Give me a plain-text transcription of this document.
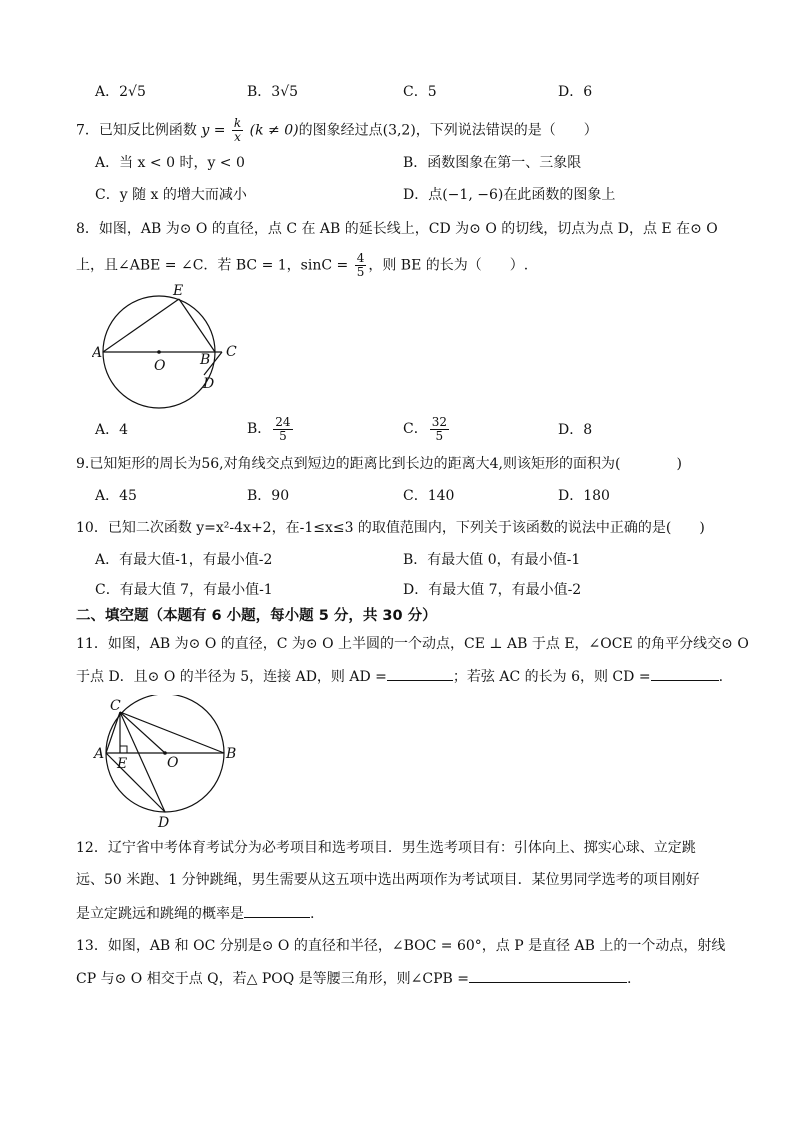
A．2√5	B．3√5	C．5	D．6
7．已知反比例函数 $y = \frac{k}{x} (k \ne 0)$的图象经过点(3,2)，下列说法错误的是（　　）
A．当 x < 0 时，y < 0	B．函数图象在第一、三象限
C．y 随 x 的增大而减小	D．点(−1, −6)在此函数的图象上
8．如图，AB 为⊙ O 的直径，点 C 在 AB 的延长线上，CD 为⊙ O 的切线，切点为点 D，点 E 在⊙ O
上，且∠ABE = ∠C．若 BC = 1，$\sin C = \frac{4}{5}$ ，则 BE 的长为（　　）.
A
O B C
D
E
A．4	B． $\frac{24}{5}$	C． $\frac{32}{5}$	D．8
9.已知矩形的周长为56,对角线交点到短边的距离比到长边的距离大4,则该矩形的面积为(　　　　)
A．45	B．90	C．140	D．180
10．已知二次函数 y=x²-4x+2，在-1≤x≤3 的取值范围内，下列关于该函数的说法中正确的是(　　)
A．有最大值-1，有最小值-2	B．有最大值 0，有最小值-1
C．有最大值 7，有最小值-1	D．有最大值 7，有最小值-2
二、填空题（本题有 6 小题，每小题 5 分，共 30 分）
11．如图，AB 为⊙ O 的直径，C 为⊙ O 上半圆的一个动点，CE ⊥ AB 于点 E，∠OCE 的角平分线交⊙ O
于点 D．且⊙ O 的半径为 5，连接 AD，则 AD =	；若弦 AC 的长为 6，则 CD =	.
C
A
E	O
B
D
12．辽宁省中考体育考试分为必考项目和选考项目．男生选考项目有：引体向上、掷实心球、立定跳
远、50 米跑、1 分钟跳绳，男生需要从这五项中选出两项作为考试项目．某位男同学选考的项目刚好
是立定跳远和跳绳的概率是	.
13．如图，AB 和 OC 分别是⊙ O 的直径和半径，∠BOC = 60°，点 P 是直径 AB 上的一个动点，射线
CP 与⊙ O 相交于点 Q，若△ POQ 是等腰三角形，则∠CPB =	.
